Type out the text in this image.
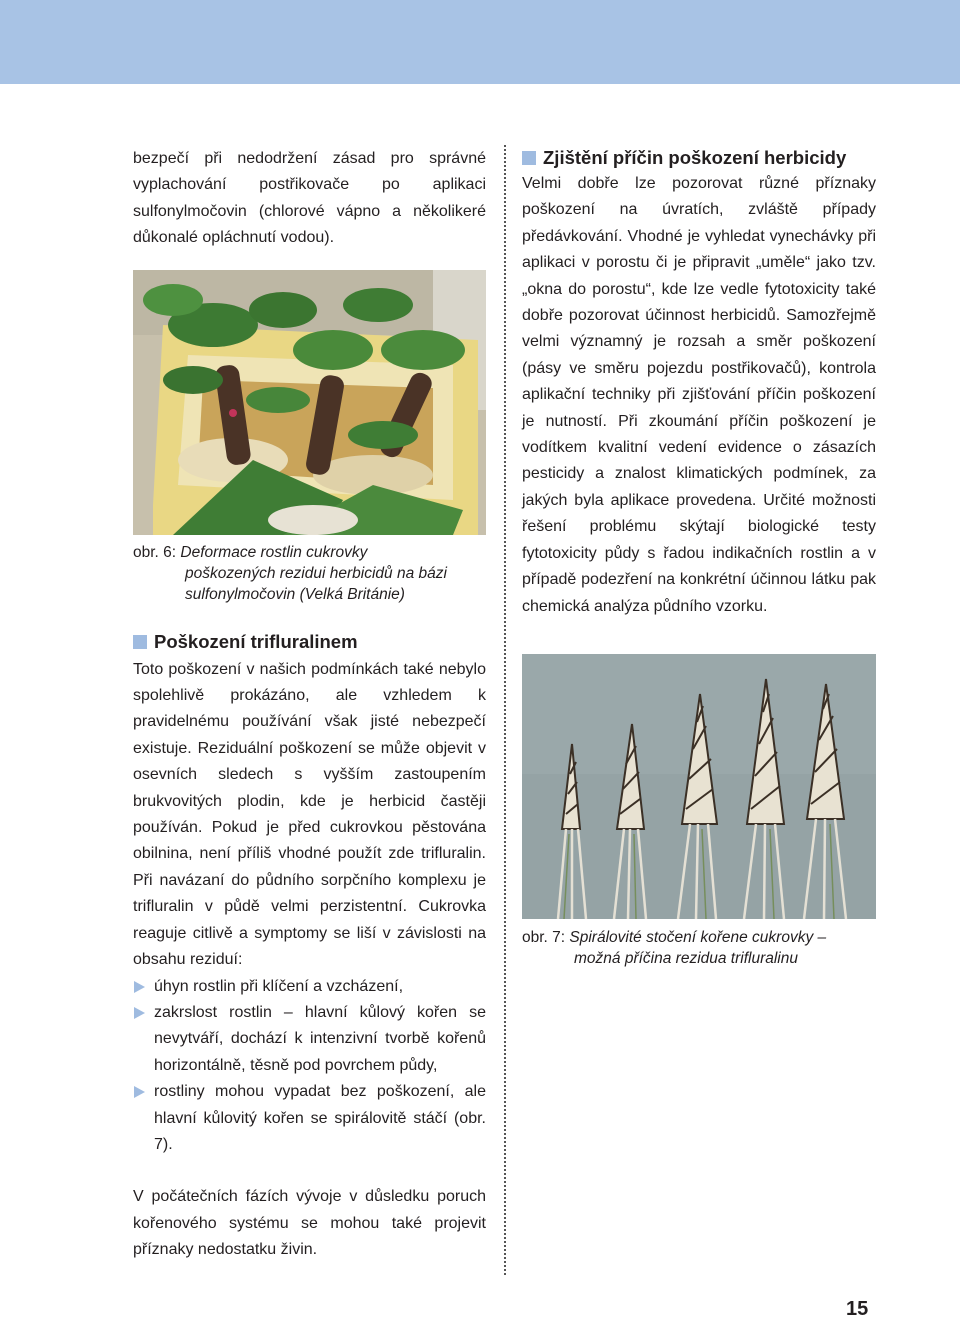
bezpečí při nedodržení zásad pro správné vyplachování postřikovače po aplikaci sulfonylmočovin (chlorové vápno a několikeré důkonalé opláchnutí vodou).

obr. 6: Deformace rostlin cukrovky
poškozených rezidui herbicidů na bázi
sulfonylmočovin (Velká Británie)
Poškození trifluralinem

Toto poškození v našich podmínkách také nebylo spolehlivě prokázáno, ale vzhledem k pravidelnému používání však jisté nebezpečí existuje. Reziduální poškození se může objevit v osevních sledech s vyšším zastoupením brukvovitých plodin, kde je herbicid častěji používán. Pokud je před cukrovkou pěstována obilnina, není příliš vhodné použít zde trifluralin. Při navázaní do půdního sorpčního komplexu je trifluralin v půdě velmi perzistentní. Cukrovka reaguje citlivě a symptomy se liší v závislosti na obsahu reziduí:

úhyn rostlin při klíčení a vzcházení,
zakrslost rostlin – hlavní kůlový kořen se nevytváří, dochází k intenzivní tvorbě kořenů horizontálně, těsně pod povrchem půdy,
rostliny mohou vypadat bez poškození, ale hlavní kůlovitý kořen se spirálovitě stáčí (obr. 7).

V počátečních fázích vývoje v důsledku poruch kořenového systému se mohou také projevit příznaky nedostatku živin.

Zjištění příčin poškození herbicidy

Velmi dobře lze pozorovat různé příznaky poškození na úvratích, zvláště případy předávkování. Vhodné je vyhledat vynechávky při aplikaci v porostu či je připravit „uměle“ jako tzv. „okna do porostu“, kde lze vedle fytotoxicity také dobře pozorovat účinnost herbicidů. Samozřejmě velmi významný je rozsah a směr poškození (pásy ve směru pojezdu postřikovačů), kontrola aplikační techniky při zjišťování příčin poškození je nutností. Při zkoumání příčin poškození je vodítkem kvalitní vedení evidence o zásazích pesticidy a znalost klimatických podmínek, za jakých byla aplikace provedena. Určité možnosti řešení problému skýtají biologické testy fytotoxicity půdy s řadou indikačních rostlin a v případě podezření na konkrétní účinnou látku pak chemická analýza půdního vzorku.

obr. 7: Spirálovité stočení kořene cukrovky –
možná příčina rezidua trifluralinu
15
